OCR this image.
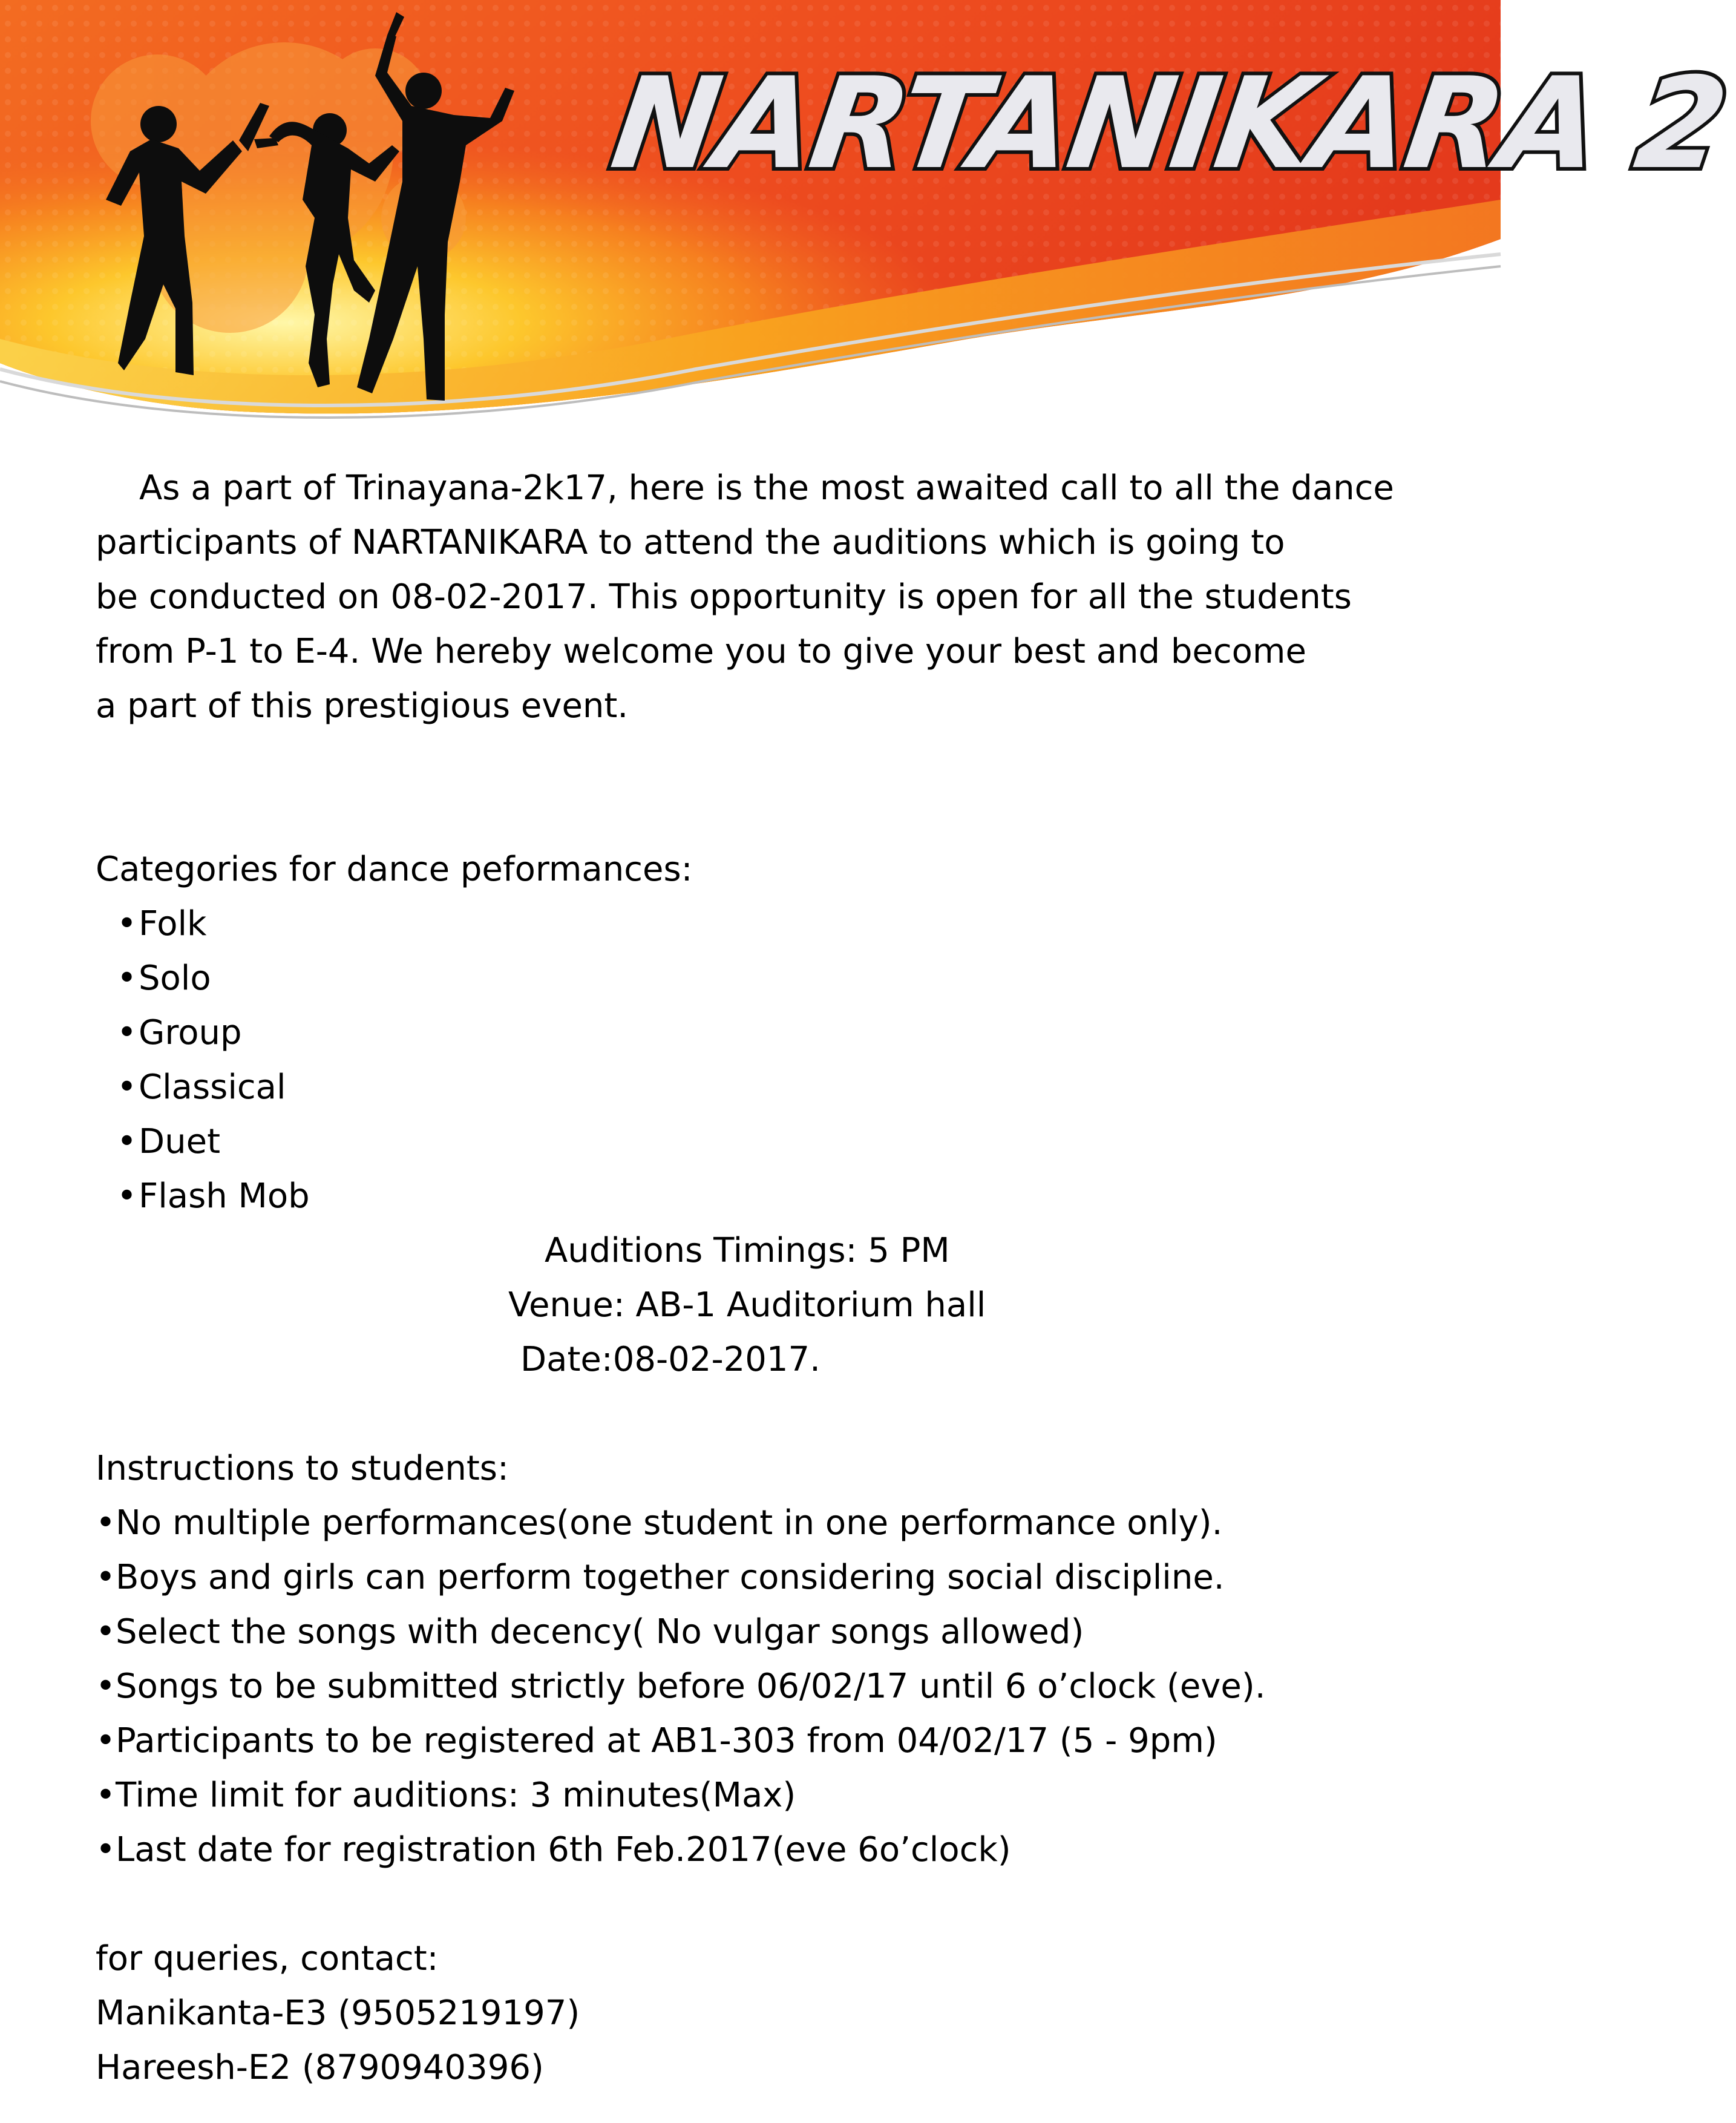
NARTANIKARA 2
As a part of Trinayana-2k17, here is the most awaited call to all the dance
participants of NARTANIKARA to attend the auditions which is going to
be conducted on 08-02-2017. This opportunity is open for all the students
from P-1 to E-4. We hereby welcome you to give your best and become
a part of this prestigious event.
Categories for dance peformances:
•Folk
•Solo
•Group
•Classical
•Duet
•Flash Mob
Auditions Timings: 5 PM
Venue: AB-1 Auditorium hall
Date:08-02-2017.
Instructions to students:
•No multiple performances(one student in one performance only).
•Boys and girls can perform together considering social discipline.
•Select the songs with decency( No vulgar songs allowed)
•Songs to be submitted strictly before 06/02/17 until 6 o’clock (eve).
•Participants to be registered at AB1-303 from 04/02/17 (5 - 9pm)
•Time limit for auditions: 3 minutes(Max)
•Last date for registration 6th Feb.2017(eve 6o’clock)
for queries, contact:
Manikanta-E3 (9505219197)
Hareesh-E2 (8790940396)
